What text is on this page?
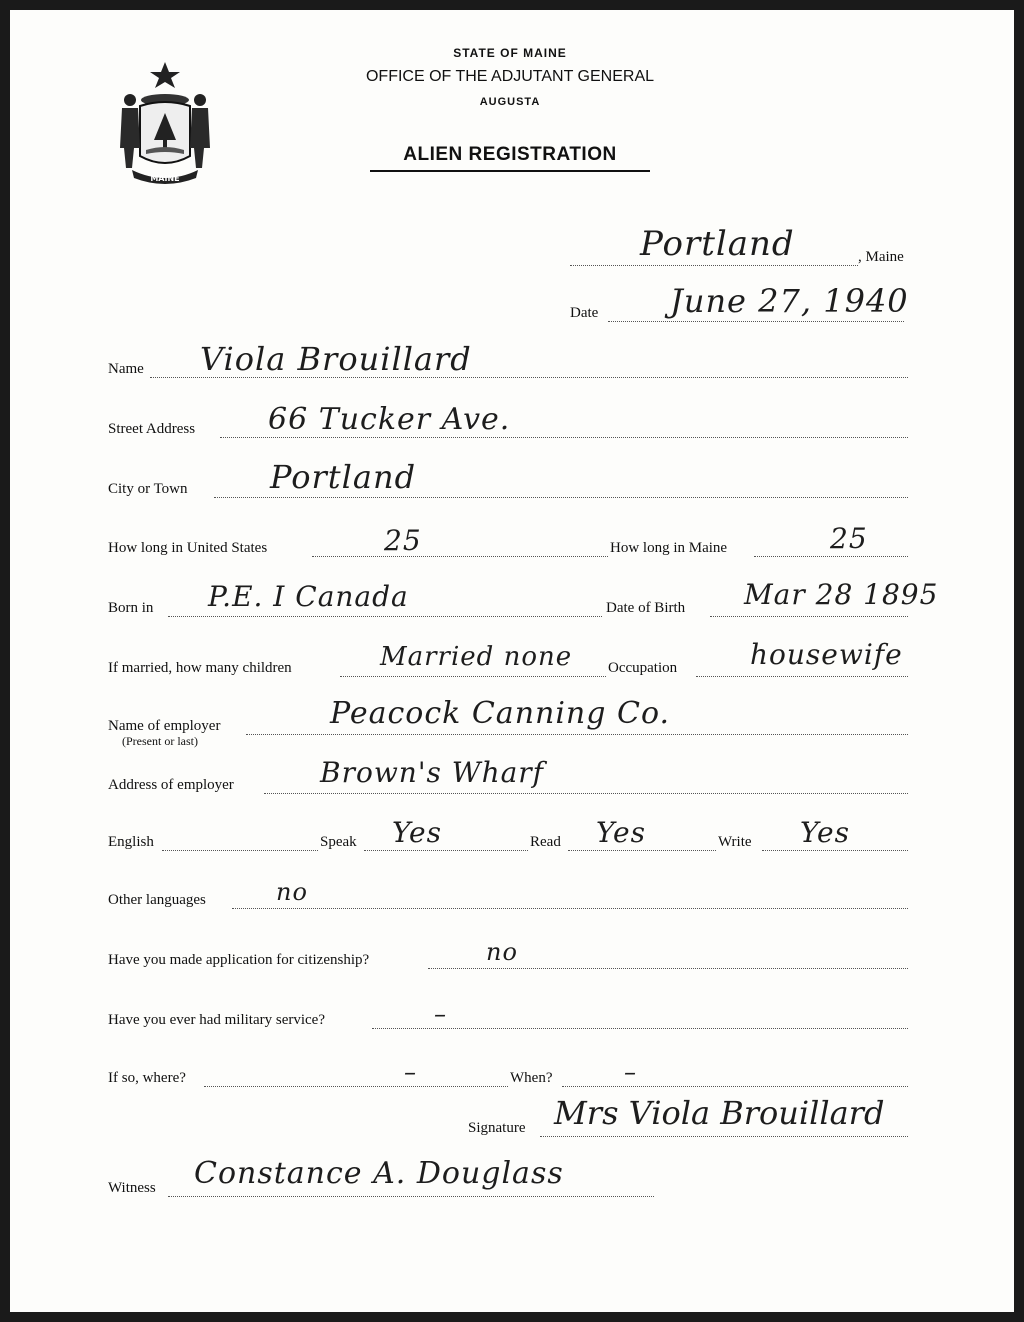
MAINE
STATE OF MAINE
OFFICE OF THE ADJUTANT GENERAL
AUGUSTA
ALIEN REGISTRATION
Portland	, Maine
Date June 27, 1940
Name Viola Brouillard
Street Address 66 Tucker Ave.
City or Town	Portland
How long in United States	25	How long in Maine	25
Born in P.E. I Canada	Date of Birth Mar 28 1895
If married, how many children	Married none Occupation	housewife
Name of employer
(Present or last)
Peacock Canning Co.
Address of employer	Brown's Wharf
English	Speak Yes	Read Yes	Write Yes
Other languages	no
Have you made application for citizenship?	no
Have you ever had military service?	–
If so, where?	–	When?	–
Signature Mrs Viola Brouillard
Witness Constance A. Douglass
